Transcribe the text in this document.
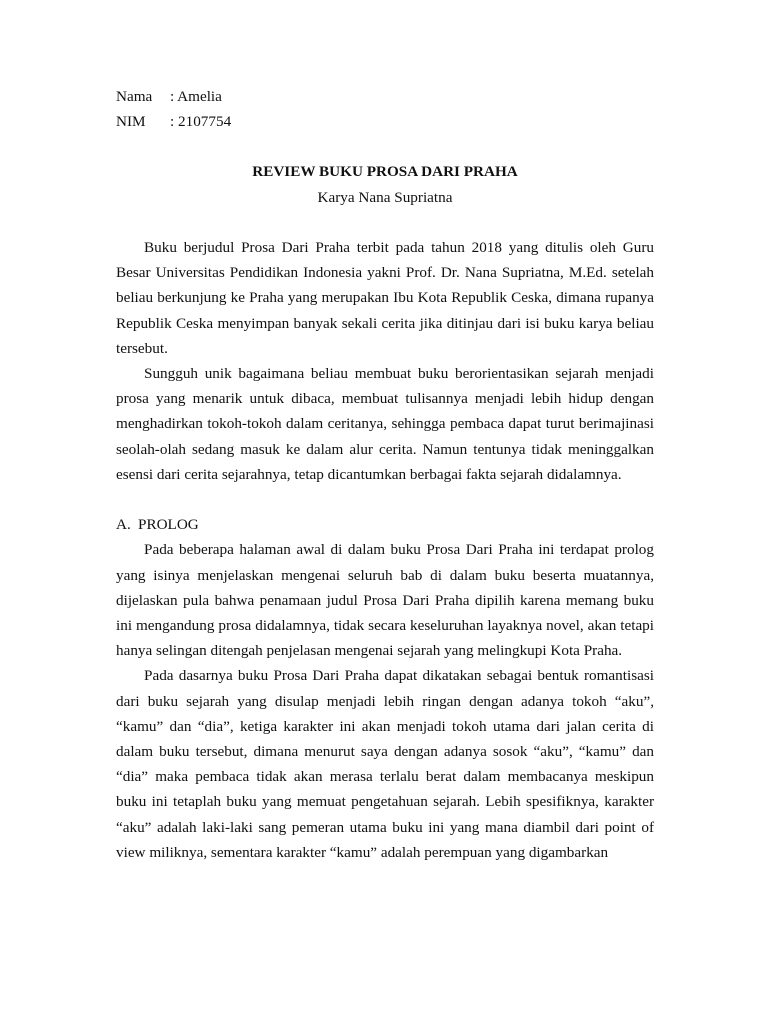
Nama : Amelia
NIM : 2107754
REVIEW BUKU PROSA DARI PRAHA
Karya Nana Supriatna

Buku berjudul Prosa Dari Praha terbit pada tahun 2018 yang ditulis oleh Guru Besar Universitas Pendidikan Indonesia yakni Prof. Dr. Nana Supriatna, M.Ed. setelah beliau berkunjung ke Praha yang merupakan Ibu Kota Republik Ceska, dimana rupanya Republik Ceska menyimpan banyak sekali cerita jika ditinjau dari isi buku karya beliau tersebut.

Sungguh unik bagaimana beliau membuat buku berorientasikan sejarah menjadi prosa yang menarik untuk dibaca, membuat tulisannya menjadi lebih hidup dengan menghadirkan tokoh-tokoh dalam ceritanya, sehingga pembaca dapat turut berimajinasi seolah-olah sedang masuk ke dalam alur cerita. Namun tentunya tidak meninggalkan esensi dari cerita sejarahnya, tetap dicantumkan berbagai fakta sejarah didalamnya.

A. PROLOG

Pada beberapa halaman awal di dalam buku Prosa Dari Praha ini terdapat prolog yang isinya menjelaskan mengenai seluruh bab di dalam buku beserta muatannya, dijelaskan pula bahwa penamaan judul Prosa Dari Praha dipilih karena memang buku ini mengandung prosa didalamnya, tidak secara keseluruhan layaknya novel, akan tetapi hanya selingan ditengah penjelasan mengenai sejarah yang melingkupi Kota Praha.

Pada dasarnya buku Prosa Dari Praha dapat dikatakan sebagai bentuk romantisasi dari buku sejarah yang disulap menjadi lebih ringan dengan adanya tokoh “aku”, “kamu” dan “dia”, ketiga karakter ini akan menjadi tokoh utama dari jalan cerita di dalam buku tersebut, dimana menurut saya dengan adanya sosok “aku”, “kamu” dan “dia” maka pembaca tidak akan merasa terlalu berat dalam membacanya meskipun buku ini tetaplah buku yang memuat pengetahuan sejarah. Lebih spesifiknya, karakter “aku” adalah laki-laki sang pemeran utama buku ini yang mana diambil dari point of view miliknya, sementara karakter “kamu” adalah perempuan yang digambarkan
